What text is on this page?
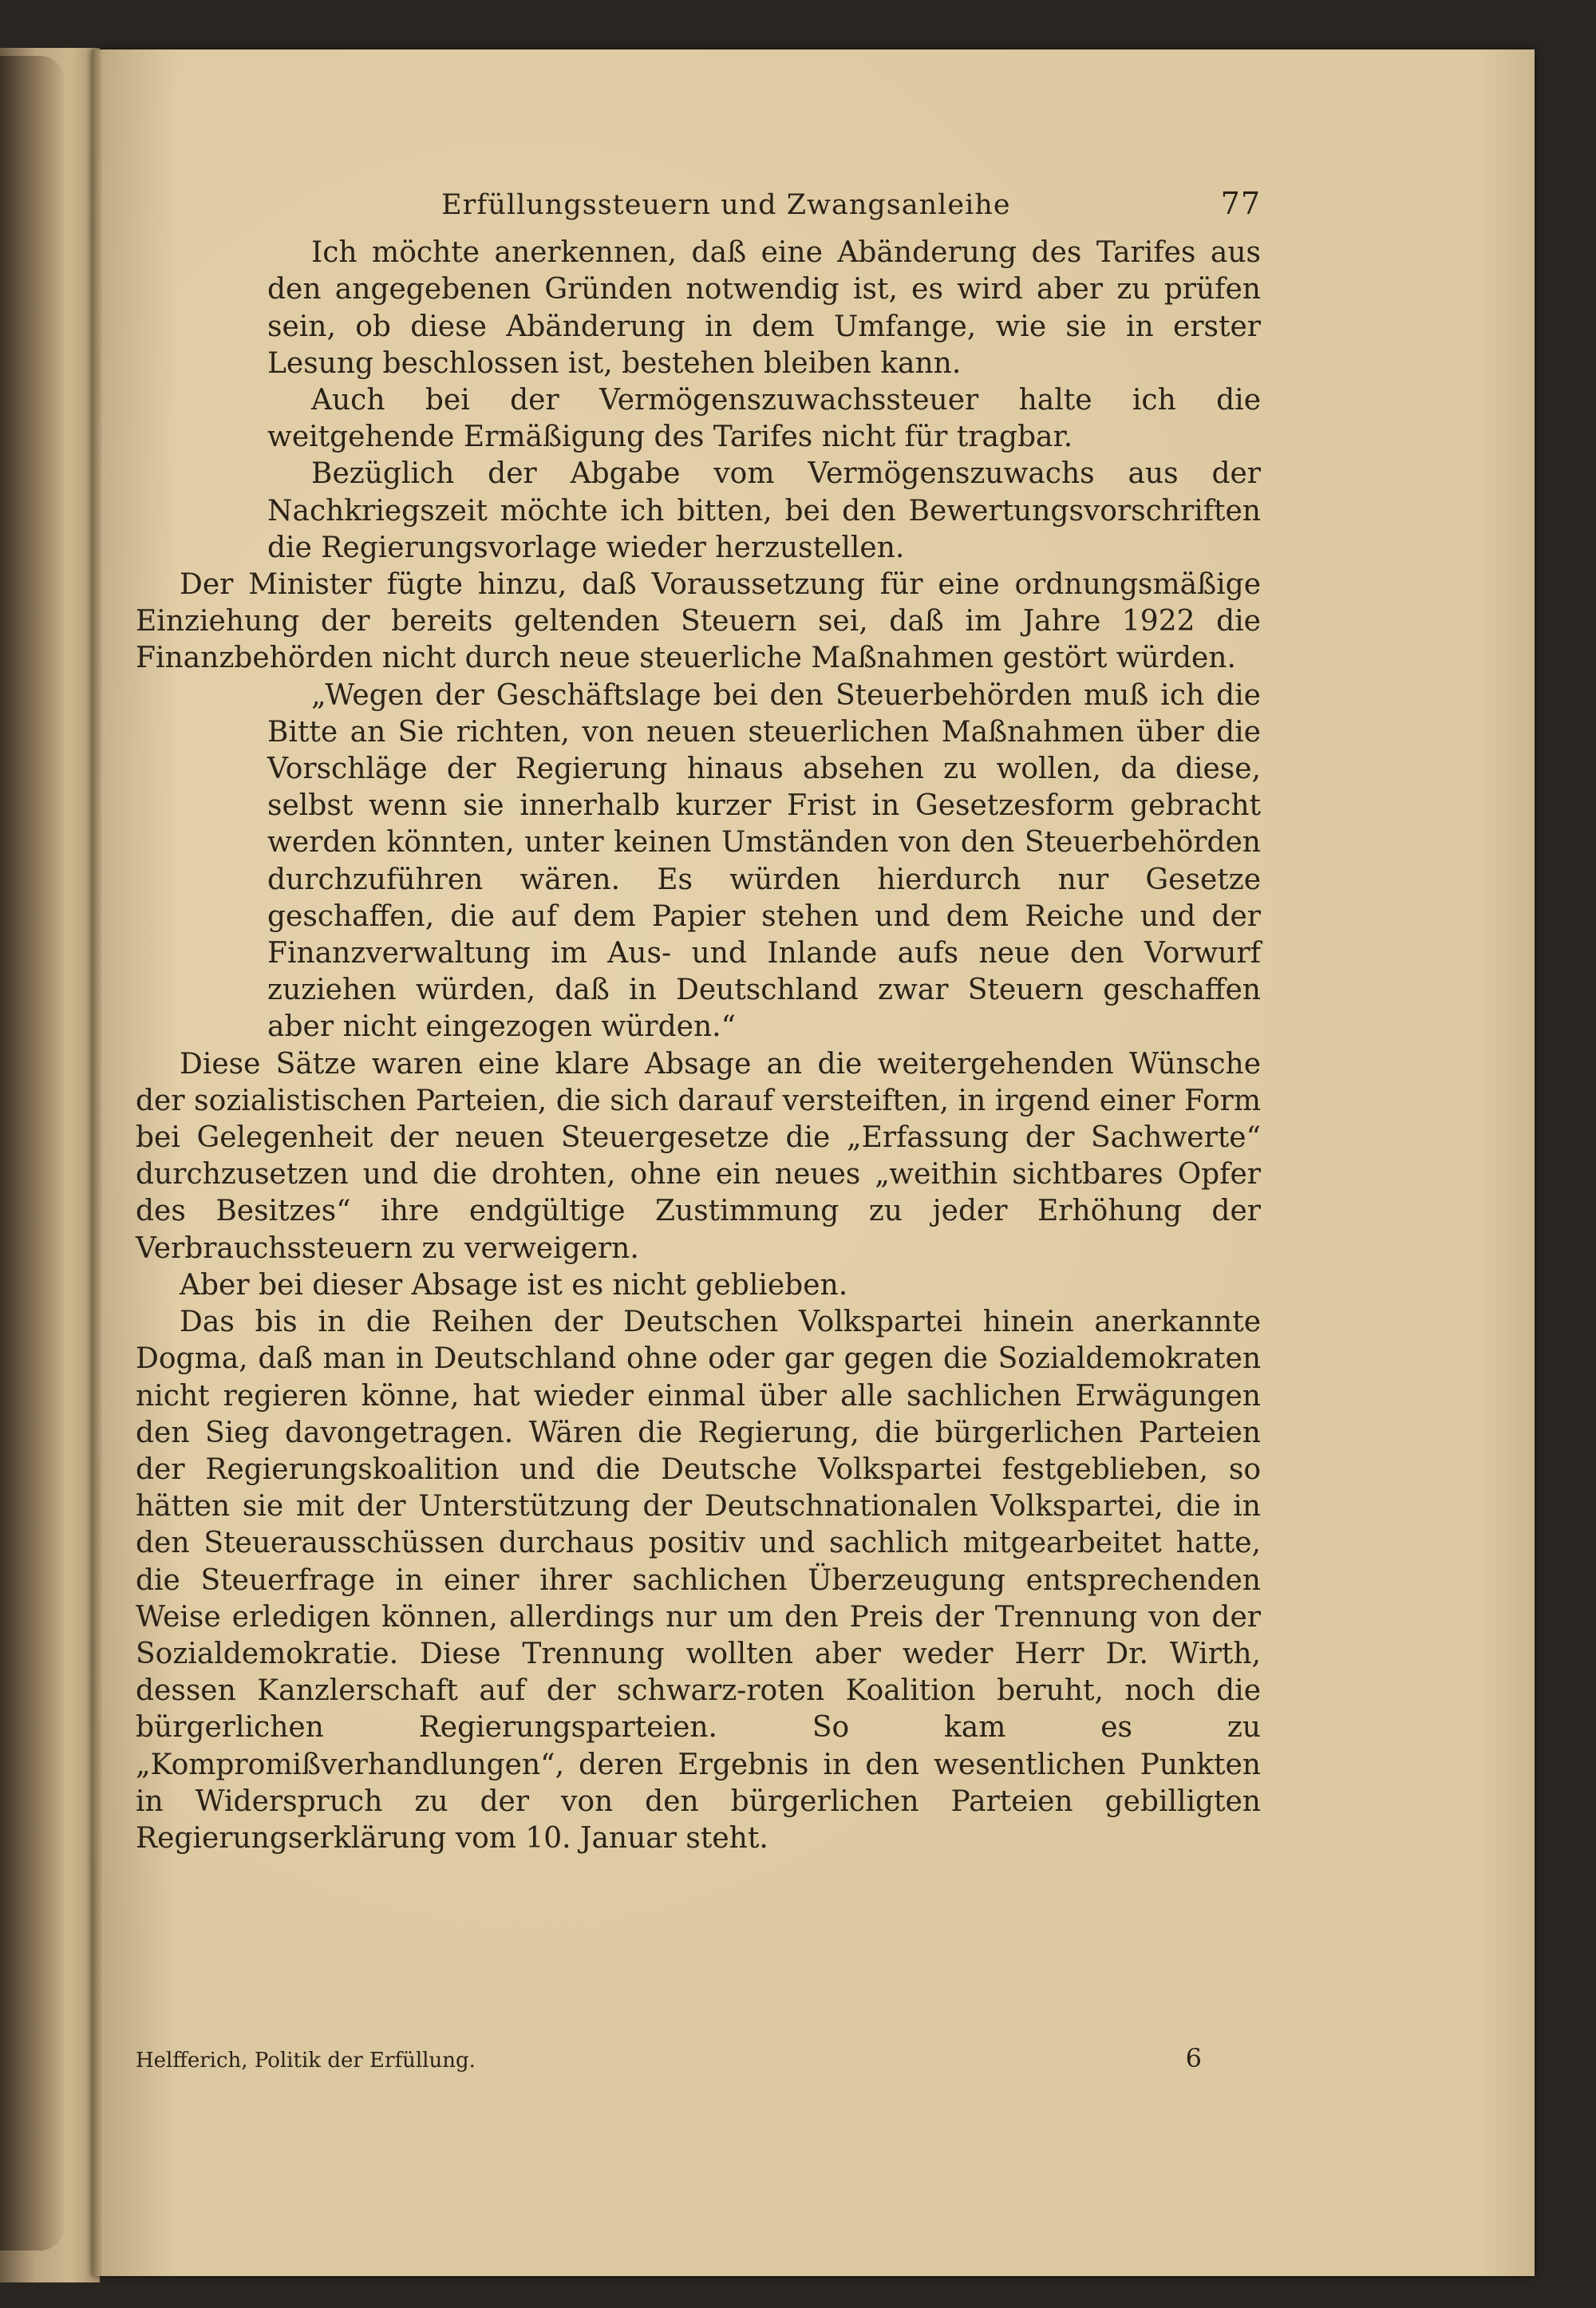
Erfüllungssteuern und Zwangsanleihe	77

Ich möchte anerkennen, daß eine Abänderung des Tarifes aus den angegebenen Gründen notwendig ist, es wird aber zu prüfen sein, ob diese Abänderung in dem Umfange, wie sie in erster Lesung beschlossen ist, bestehen bleiben kann.

Auch bei der Vermögenszuwachssteuer halte ich die weitgehende Ermäßigung des Tarifes nicht für tragbar.

Bezüglich der Abgabe vom Vermögenszuwachs aus der Nachkriegszeit möchte ich bitten, bei den Bewertungsvorschriften die Regierungsvorlage wieder herzustellen.

Der Minister fügte hinzu, daß Voraussetzung für eine ordnungsmäßige Einziehung der bereits geltenden Steuern sei, daß im Jahre 1922 die Finanzbehörden nicht durch neue steuerliche Maßnahmen gestört würden.

„Wegen der Geschäftslage bei den Steuerbehörden muß ich die Bitte an Sie richten, von neuen steuerlichen Maßnahmen über die Vorschläge der Regierung hinaus absehen zu wollen, da diese, selbst wenn sie innerhalb kurzer Frist in Gesetzesform gebracht werden könnten, unter keinen Umständen von den Steuerbehörden durchzuführen wären. Es würden hierdurch nur Gesetze geschaffen, die auf dem Papier stehen und dem Reiche und der Finanzverwaltung im Aus- und Inlande aufs neue den Vorwurf zuziehen würden, daß in Deutschland zwar Steuern geschaffen aber nicht eingezogen würden.“

Diese Sätze waren eine klare Absage an die weitergehenden Wünsche der sozialistischen Parteien, die sich darauf versteiften, in irgend einer Form bei Gelegenheit der neuen Steuergesetze die „Erfassung der Sachwerte“ durchzusetzen und die drohten, ohne ein neues „weithin sichtbares Opfer des Besitzes“ ihre endgültige Zustimmung zu jeder Erhöhung der Verbrauchssteuern zu verweigern.

Aber bei dieser Absage ist es nicht geblieben.

Das bis in die Reihen der Deutschen Volkspartei hinein anerkannte Dogma, daß man in Deutschland ohne oder gar gegen die Sozialdemokraten nicht regieren könne, hat wieder einmal über alle sachlichen Erwägungen den Sieg davongetragen. Wären die Regierung, die bürgerlichen Parteien der Regierungskoalition und die Deutsche Volkspartei festgeblieben, so hätten sie mit der Unterstützung der Deutschnationalen Volkspartei, die in den Steuerausschüssen durchaus positiv und sachlich mitgearbeitet hatte, die Steuerfrage in einer ihrer sachlichen Überzeugung entsprechenden Weise erledigen können, allerdings nur um den Preis der Trennung von der Sozialdemokratie. Diese Trennung wollten aber weder Herr Dr. Wirth, dessen Kanzlerschaft auf der schwarz-roten Koalition beruht, noch die bürgerlichen Regierungsparteien. So kam es zu „Kompromißverhandlungen“, deren Ergebnis in den wesentlichen Punkten in Widerspruch zu der von den bürgerlichen Parteien gebilligten Regierungserklärung vom 10. Januar steht.

Helfferich, Politik der Erfüllung.	6
